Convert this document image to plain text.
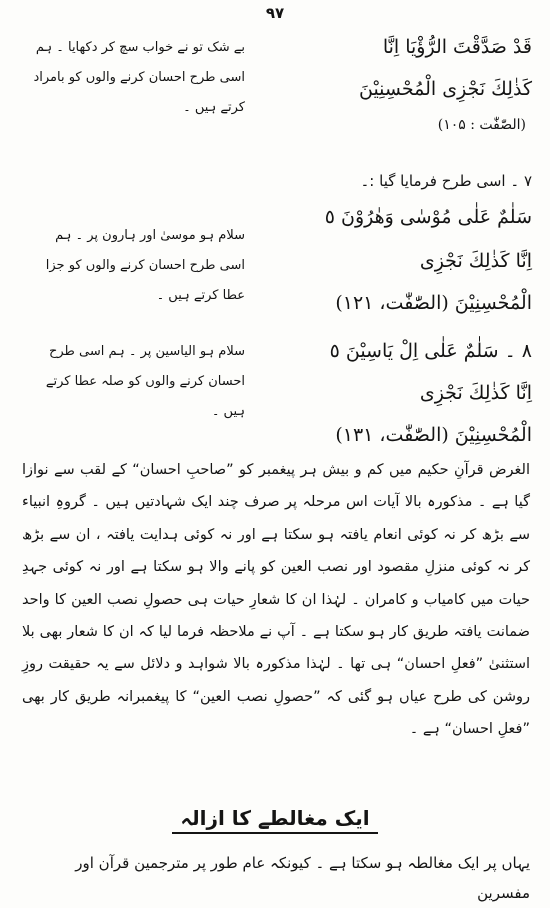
۹۷
قَدْ صَدَّقْتَ الرُّؤْيَا اِنَّا
كَذٰلِكَ نَجْزِى الْمُحْسِنِيْنَ
(الصّٰفّٰت : ۱۰۵)
بے شک تو نے خواب سچ کر دکھایا ۔ ہم
اسی طرح احسان کرنے والوں کو بامراد
کرتے ہیں ۔
۷ ۔ اسی طرح فرمایا گیا :۔
سَلٰمٌ عَلٰى مُوْسٰى وَهٰرُوْنَ ٥
اِنَّا كَذٰلِكَ نَجْزِى
الْمُحْسِنِيْنَ (الصّٰفّٰت، ۱۲۱)
سلام ہو موسیٰ اور ہارون پر ۔ ہم
اسی طرح احسان کرنے والوں کو جزا
عطا کرتے ہیں ۔
۸ ۔ سَلٰمٌ عَلٰى اِلْ يَاسِيْنَ ٥
اِنَّا كَذٰلِكَ نَجْزِى
الْمُحْسِنِيْنَ (الصّٰفّٰت، ۱۳۱)
سلام ہو الیاسین پر ۔ ہم اسی طرح
احسان کرنے والوں کو صلہ عطا کرتے
ہیں ۔
الغرض قرآنِ حکیم میں کم و بیش ہر پیغمبر کو ”صاحبِ احسان“ کے لقب سے نوازا گیا ہے ۔ مذکورہ بالا آیات اس مرحلہ پر صرف چند ایک شہادتیں ہیں ۔ گروہِ انبیاء سے بڑھ کر نہ کوئی انعام یافتہ ہو سکتا ہے اور نہ کوئی ہدایت یافتہ ، ان سے بڑھ کر نہ کوئی منزلِ مقصود اور نصب العین کو پانے والا ہو سکتا ہے اور نہ کوئی جہدِ حیات میں کامیاب و کامران ۔ لہٰذا ان کا شعارِ حیات ہی حصولِ نصب العین کا واحد ضمانت یافتہ طریق کار ہو سکتا ہے ۔ آپ نے ملاحظہ فرما لیا کہ ان کا شعار بھی بلا استثنیٰ ”فعلِ احسان“ ہی تھا ۔ لہٰذا مذکورہ بالا شواہد و دلائل سے یہ حقیقت روزِ روشن کی طرح عیاں ہو گئی کہ ”حصولِ نصب العین“ کا پیغمبرانہ طریق کار بھی ”فعلِ احسان“ ہے ۔
ایک مغالطے کا ازالہ
یہاں پر ایک مغالطہ ہو سکتا ہے ۔ کیونکہ عام طور پر مترجمین قرآن اور مفسرین
